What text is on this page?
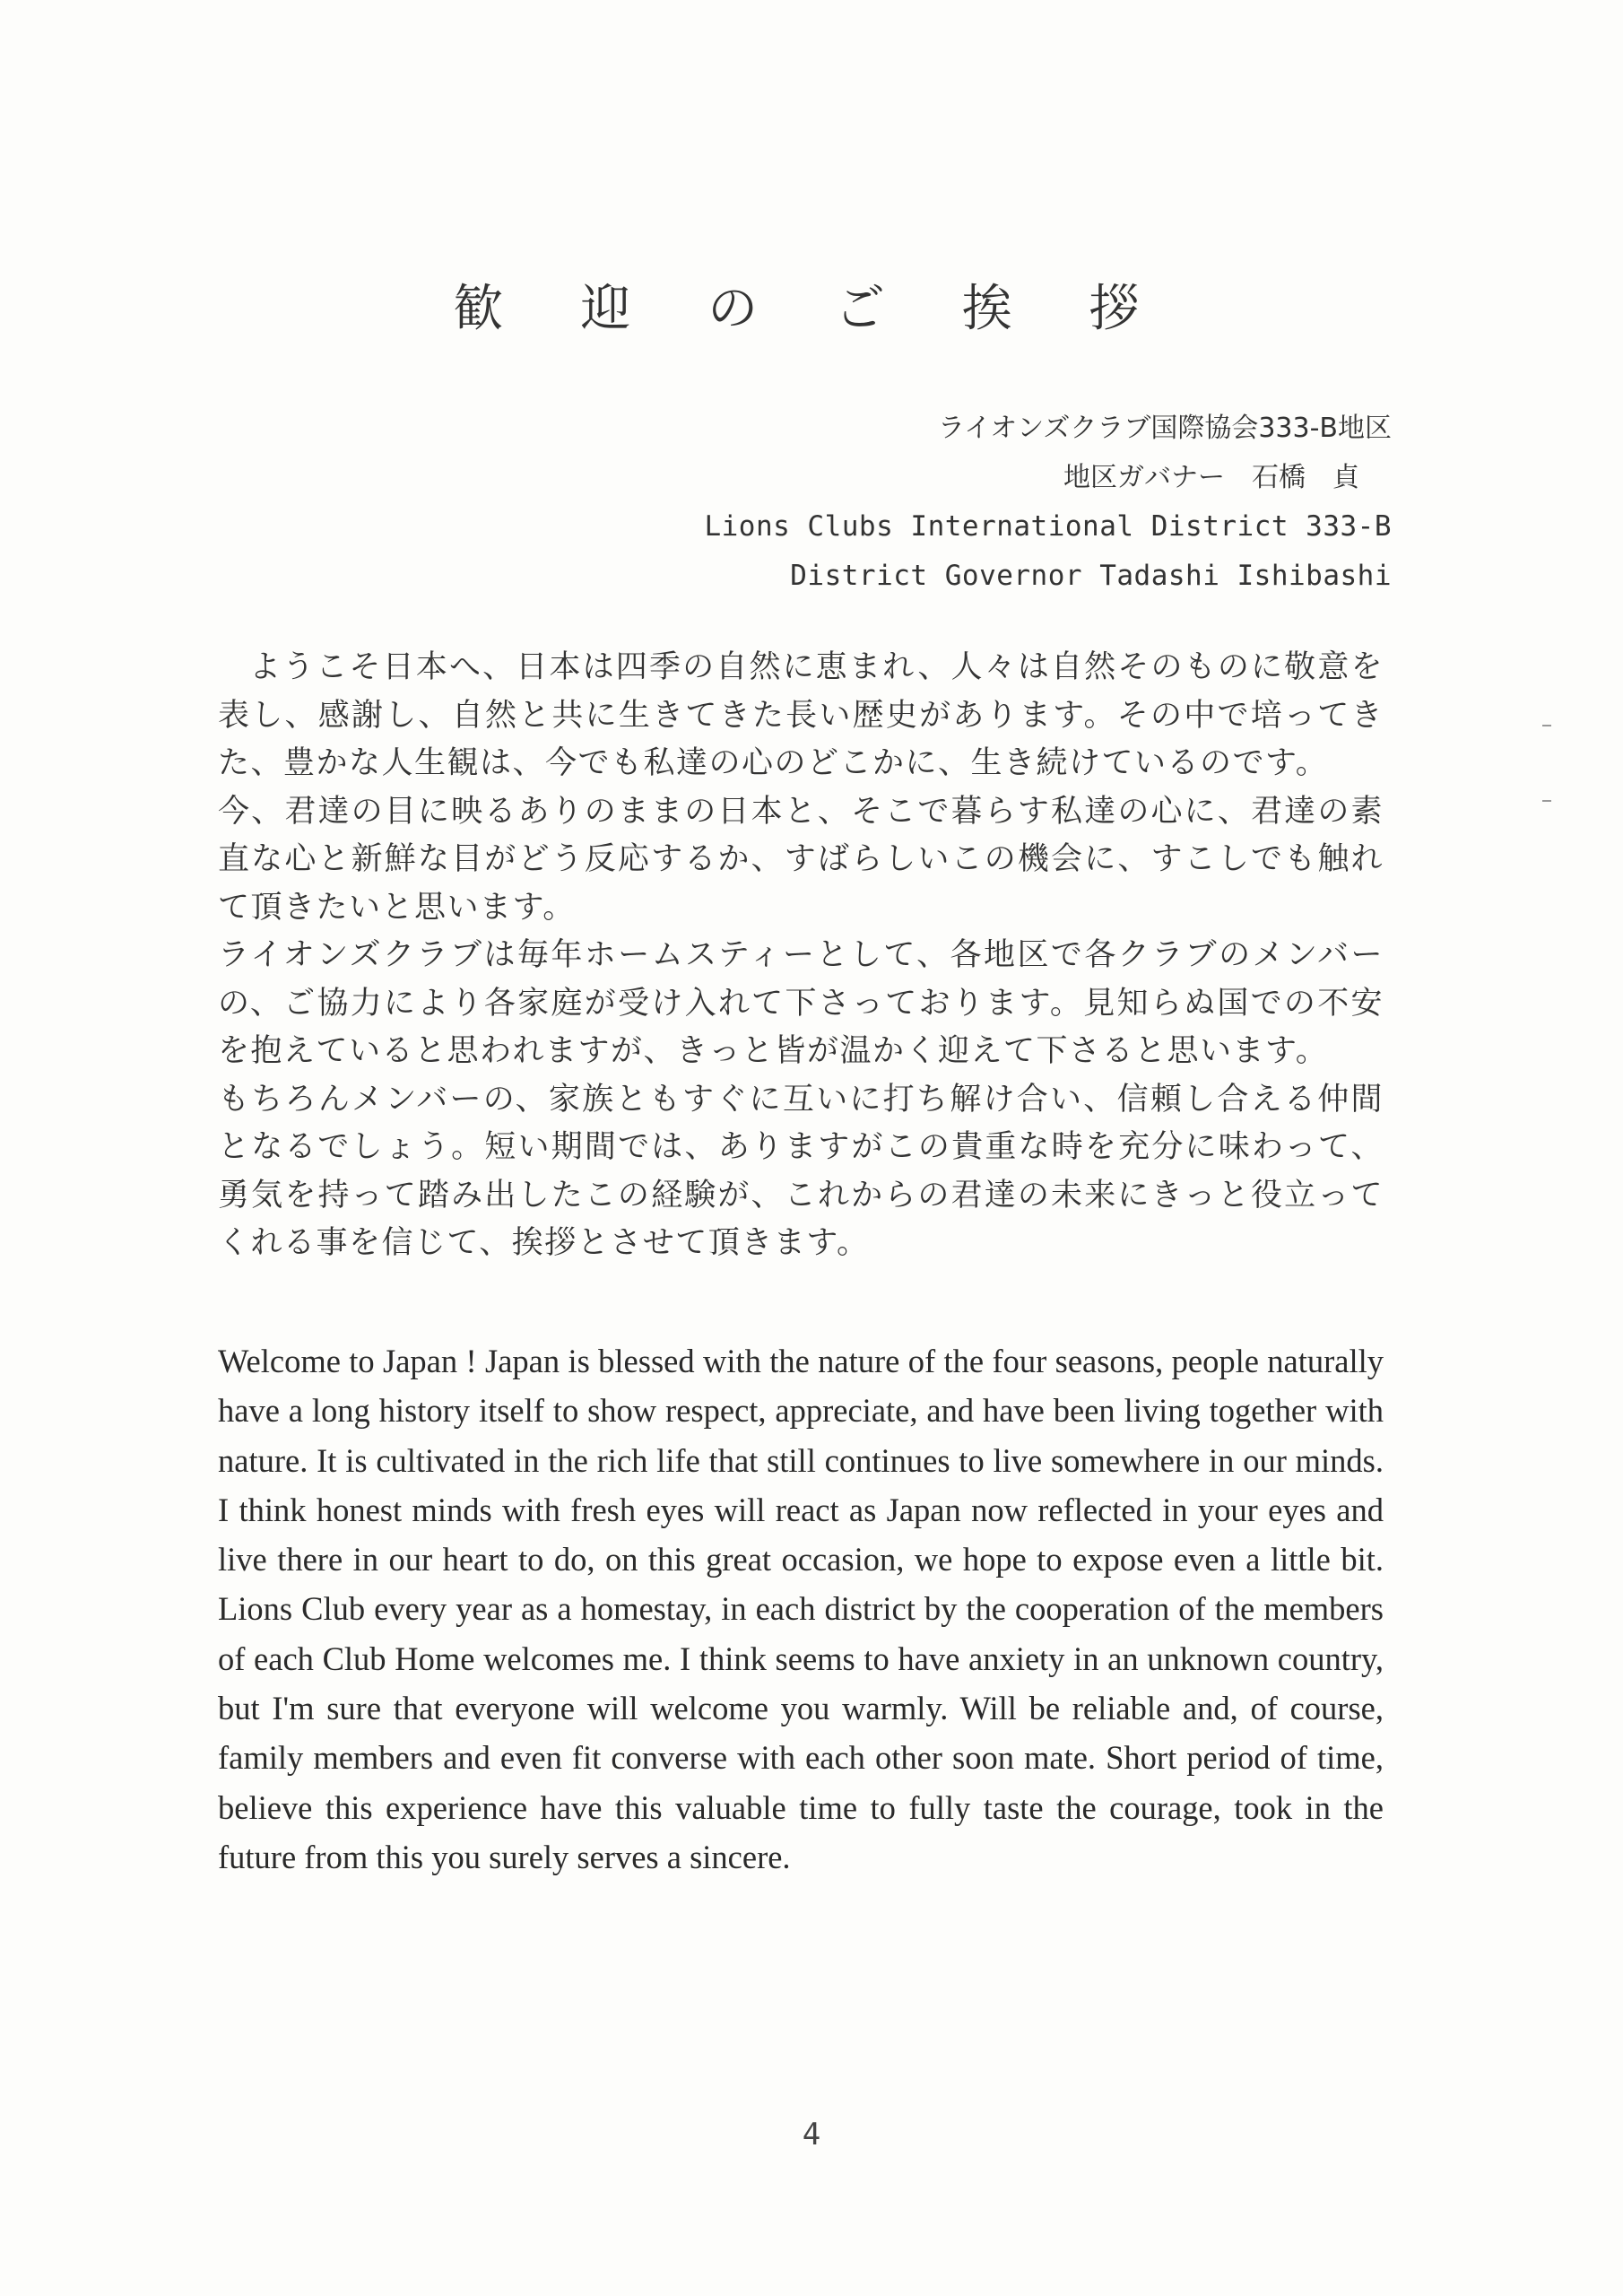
歓 迎 の ご 挨 拶
ライオンズクラブ国際協会333-B地区
地区ガバナー　石橋　貞
Lions Clubs International District 333-B
District Governor Tadashi Ishibashi

ようこそ日本へ、日本は四季の自然に恵まれ、人々は自然そのものに敬意を表し、感謝し、自然と共に生きてきた長い歴史があります。その中で培ってきた、豊かな人生観は、今でも私達の心のどこかに、生き続けているのです。

今、君達の目に映るありのままの日本と、そこで暮らす私達の心に、君達の素直な心と新鮮な目がどう反応するか、すばらしいこの機会に、すこしでも触れて頂きたいと思います。

ライオンズクラブは毎年ホームスティーとして、各地区で各クラブのメンバーの、ご協力により各家庭が受け入れて下さっております。見知らぬ国での不安を抱えていると思われますが、きっと皆が温かく迎えて下さると思います。

もちろんメンバーの、家族ともすぐに互いに打ち解け合い、信頼し合える仲間となるでしょう。短い期間では、ありますがこの貴重な時を充分に味わって、勇気を持って踏み出したこの経験が、これからの君達の未来にきっと役立ってくれる事を信じて、挨拶とさせて頂きます。

Welcome to Japan ! Japan is blessed with the nature of the four seasons, people naturally have a long history itself to show respect, appreciate, and have been living together with nature. It is cultivated in the rich life that still continues to live somewhere in our minds. I think honest minds with fresh eyes will react as Japan now reflected in your eyes and live there in our heart to do, on this great occasion, we hope to expose even a little bit. Lions Club every year as a homestay, in each district by the cooperation of the members of each Club Home welcomes me. I think seems to have anxiety in an unknown country, but I'm sure that everyone will welcome you warmly. Will be reliable and, of course, family members and even fit converse with each other soon mate. Short period of time, believe this experience have this valuable time to fully taste the courage, took in the future from this you surely serves a sincere.

4
